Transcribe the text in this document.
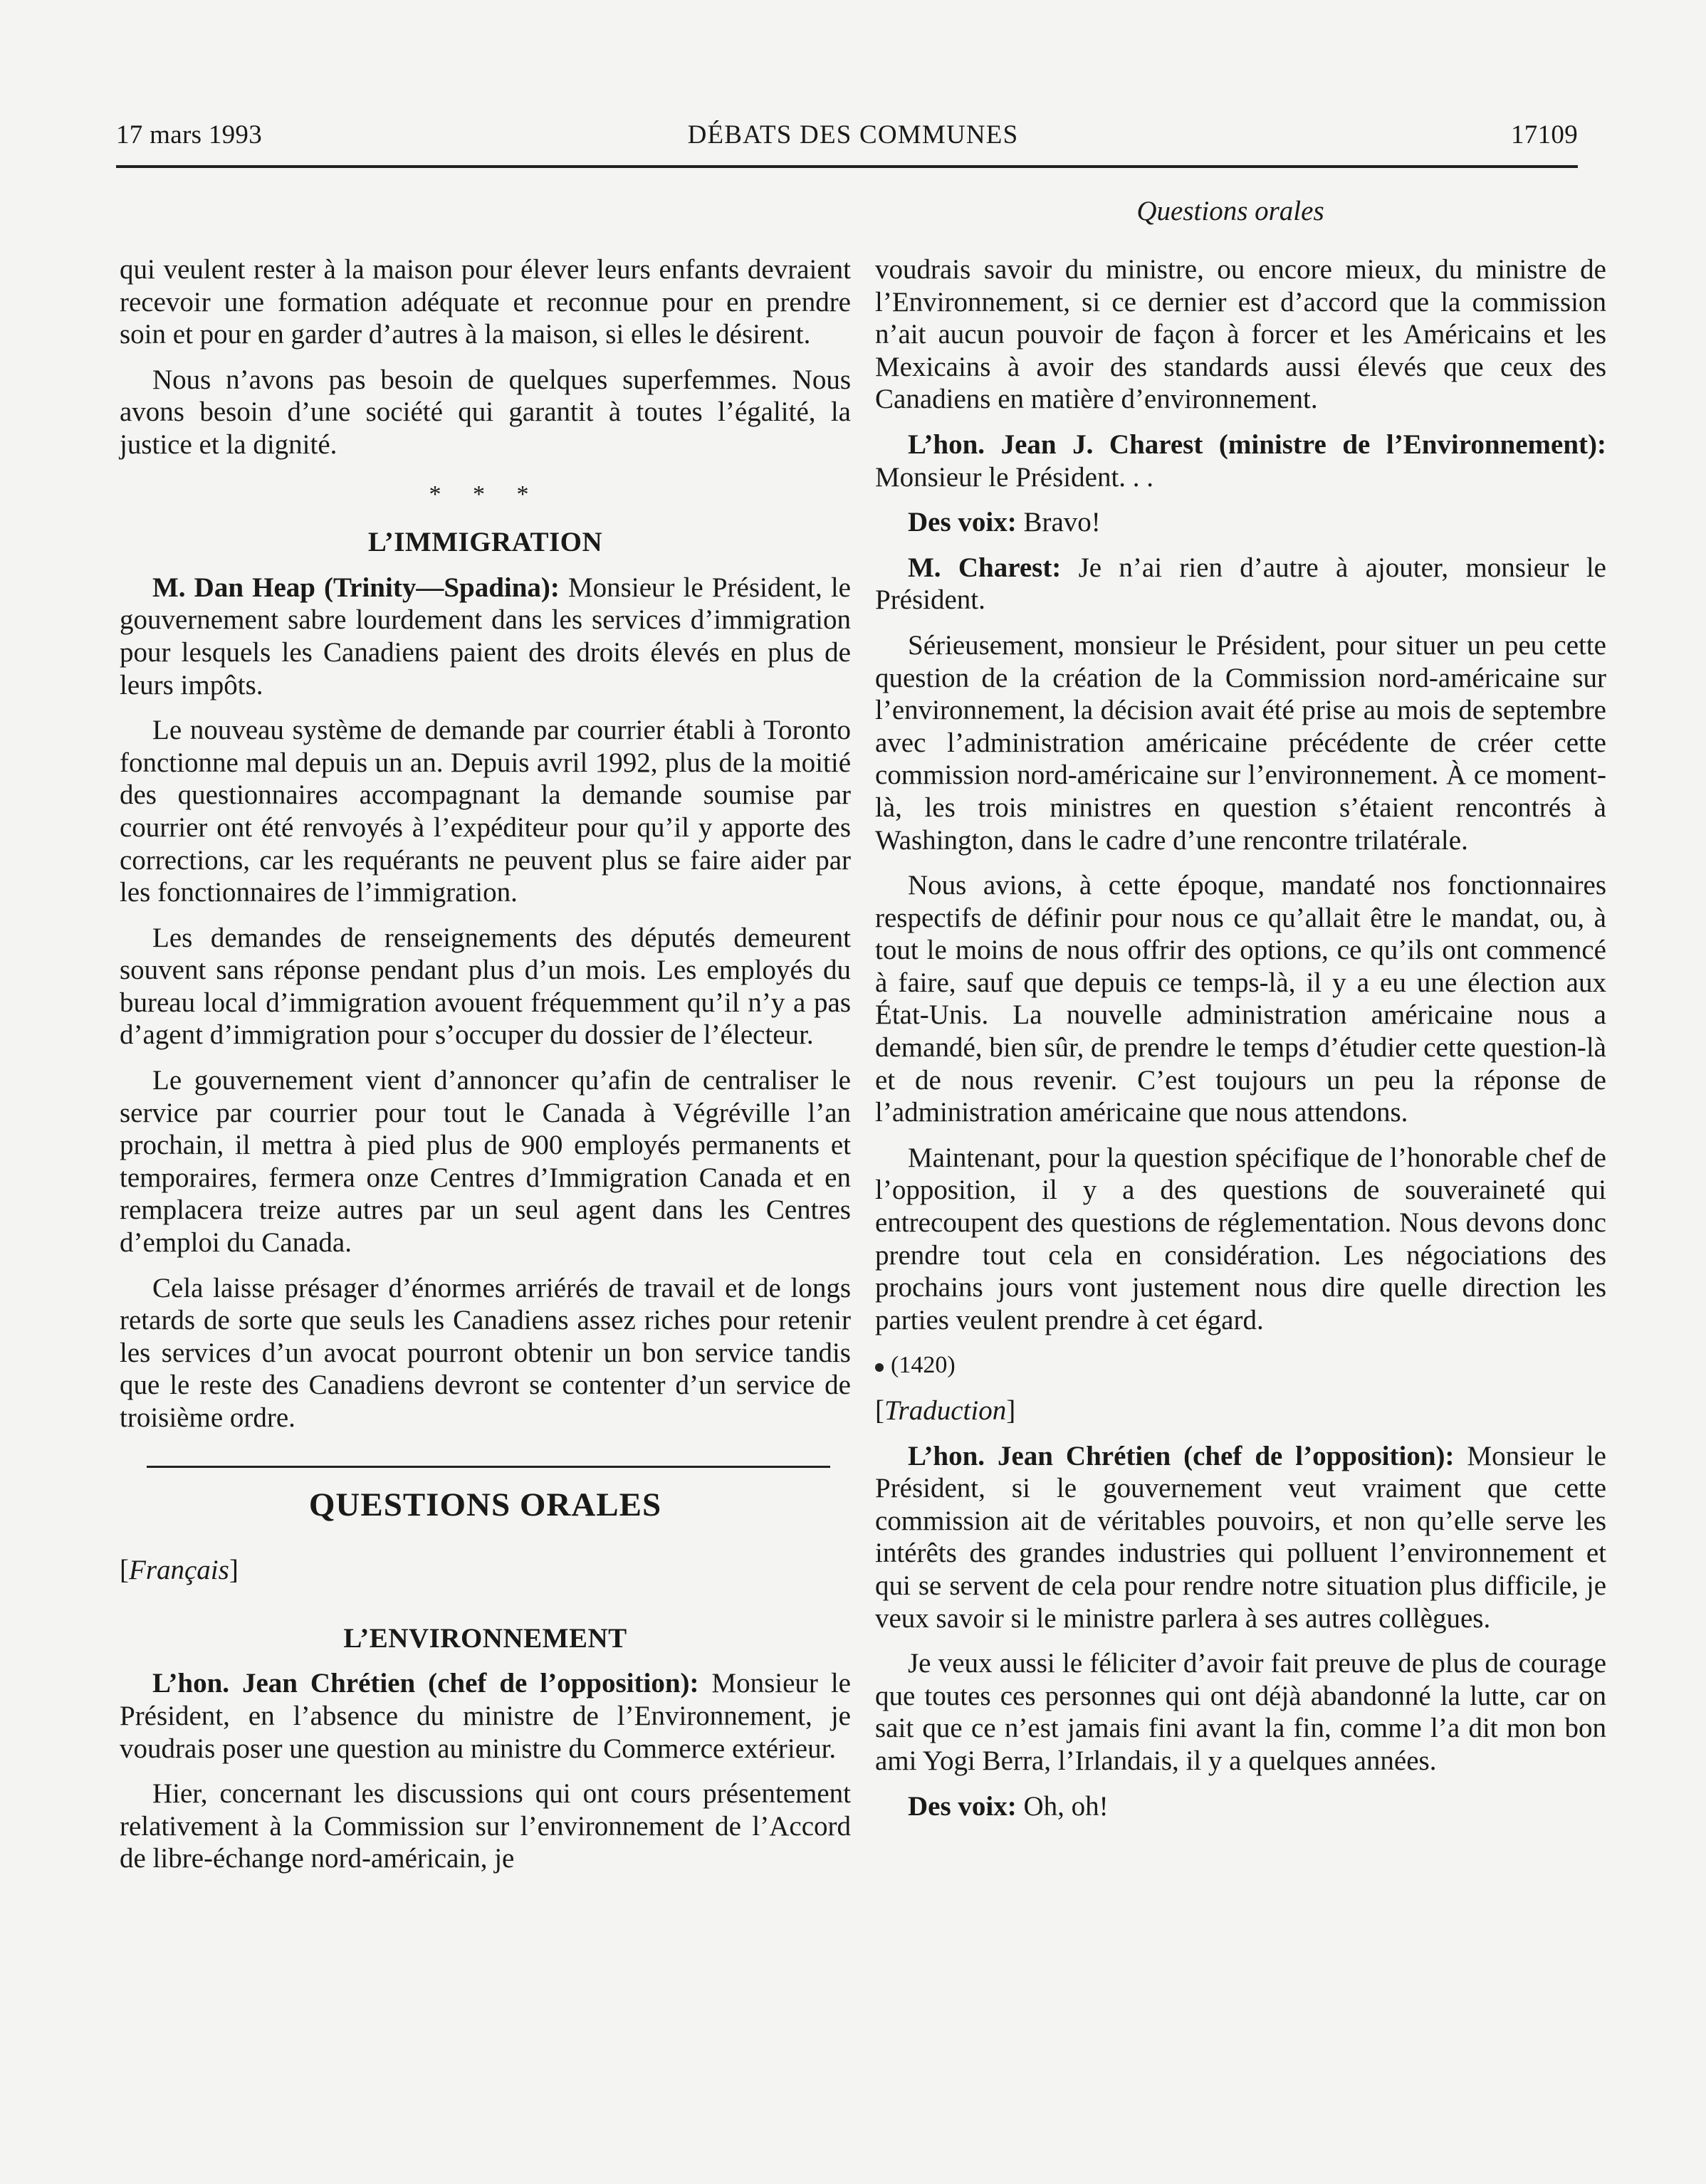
17 mars 1993	DÉBATS DES COMMUNES	17109
Questions orales

qui veulent rester à la maison pour élever leurs enfants devraient recevoir une formation adéquate et reconnue pour en prendre soin et pour en garder d’autres à la maison, si elles le désirent.

Nous n’avons pas besoin de quelques superfemmes. Nous avons besoin d’une société qui garantit à toutes l’égalité, la justice et la dignité.

* * *
L’IMMIGRATION

M. Dan Heap (Trinity—Spadina): Monsieur le Président, le gouvernement sabre lourdement dans les services d’immigration pour lesquels les Canadiens paient des droits élevés en plus de leurs impôts.

Le nouveau système de demande par courrier établi à Toronto fonctionne mal depuis un an. Depuis avril 1992, plus de la moitié des questionnaires accompagnant la demande soumise par courrier ont été renvoyés à l’expéditeur pour qu’il y apporte des corrections, car les requérants ne peuvent plus se faire aider par les fonctionnaires de l’immigration.

Les demandes de renseignements des députés demeurent souvent sans réponse pendant plus d’un mois. Les employés du bureau local d’immigration avouent fréquemment qu’il n’y a pas d’agent d’immigration pour s’occuper du dossier de l’électeur.

Le gouvernement vient d’annoncer qu’afin de centraliser le service par courrier pour tout le Canada à Végréville l’an prochain, il mettra à pied plus de 900 employés permanents et temporaires, fermera onze Centres d’Immigration Canada et en remplacera treize autres par un seul agent dans les Centres d’emploi du Canada.

Cela laisse présager d’énormes arriérés de travail et de longs retards de sorte que seuls les Canadiens assez riches pour retenir les services d’un avocat pourront obtenir un bon service tandis que le reste des Canadiens devront se contenter d’un service de troisième ordre.

QUESTIONS ORALES
[Français]
L’ENVIRONNEMENT

L’hon. Jean Chrétien (chef de l’opposition): Monsieur le Président, en l’absence du ministre de l’Environnement, je voudrais poser une question au ministre du Commerce extérieur.

Hier, concernant les discussions qui ont cours présentement relativement à la Commission sur l’environnement de l’Accord de libre-échange nord-américain, je

voudrais savoir du ministre, ou encore mieux, du ministre de l’Environnement, si ce dernier est d’accord que la commission n’ait aucun pouvoir de façon à forcer et les Américains et les Mexicains à avoir des standards aussi élevés que ceux des Canadiens en matière d’environnement.

L’hon. Jean J. Charest (ministre de l’Environnement): Monsieur le Président. . .

Des voix: Bravo!

M. Charest: Je n’ai rien d’autre à ajouter, monsieur le Président.

Sérieusement, monsieur le Président, pour situer un peu cette question de la création de la Commission nord-américaine sur l’environnement, la décision avait été prise au mois de septembre avec l’administration américaine précédente de créer cette commission nord-américaine sur l’environnement. À ce moment-là, les trois ministres en question s’étaient rencontrés à Washington, dans le cadre d’une rencontre trilatérale.

Nous avions, à cette époque, mandaté nos fonctionnaires respectifs de définir pour nous ce qu’allait être le mandat, ou, à tout le moins de nous offrir des options, ce qu’ils ont commencé à faire, sauf que depuis ce temps-là, il y a eu une élection aux État-Unis. La nouvelle administration américaine nous a demandé, bien sûr, de prendre le temps d’étudier cette question-là et de nous revenir. C’est toujours un peu la réponse de l’administration américaine que nous attendons.

Maintenant, pour la question spécifique de l’honorable chef de l’opposition, il y a des questions de souveraineté qui entrecoupent des questions de réglementation. Nous devons donc prendre tout cela en considération. Les négociations des prochains jours vont justement nous dire quelle direction les parties veulent prendre à cet égard.

(1420)
[Traduction]

L’hon. Jean Chrétien (chef de l’opposition): Monsieur le Président, si le gouvernement veut vraiment que cette commission ait de véritables pouvoirs, et non qu’elle serve les intérêts des grandes industries qui polluent l’environnement et qui se servent de cela pour rendre notre situation plus difficile, je veux savoir si le ministre parlera à ses autres collègues.

Je veux aussi le féliciter d’avoir fait preuve de plus de courage que toutes ces personnes qui ont déjà abandonné la lutte, car on sait que ce n’est jamais fini avant la fin, comme l’a dit mon bon ami Yogi Berra, l’Irlandais, il y a quelques années.

Des voix: Oh, oh!
